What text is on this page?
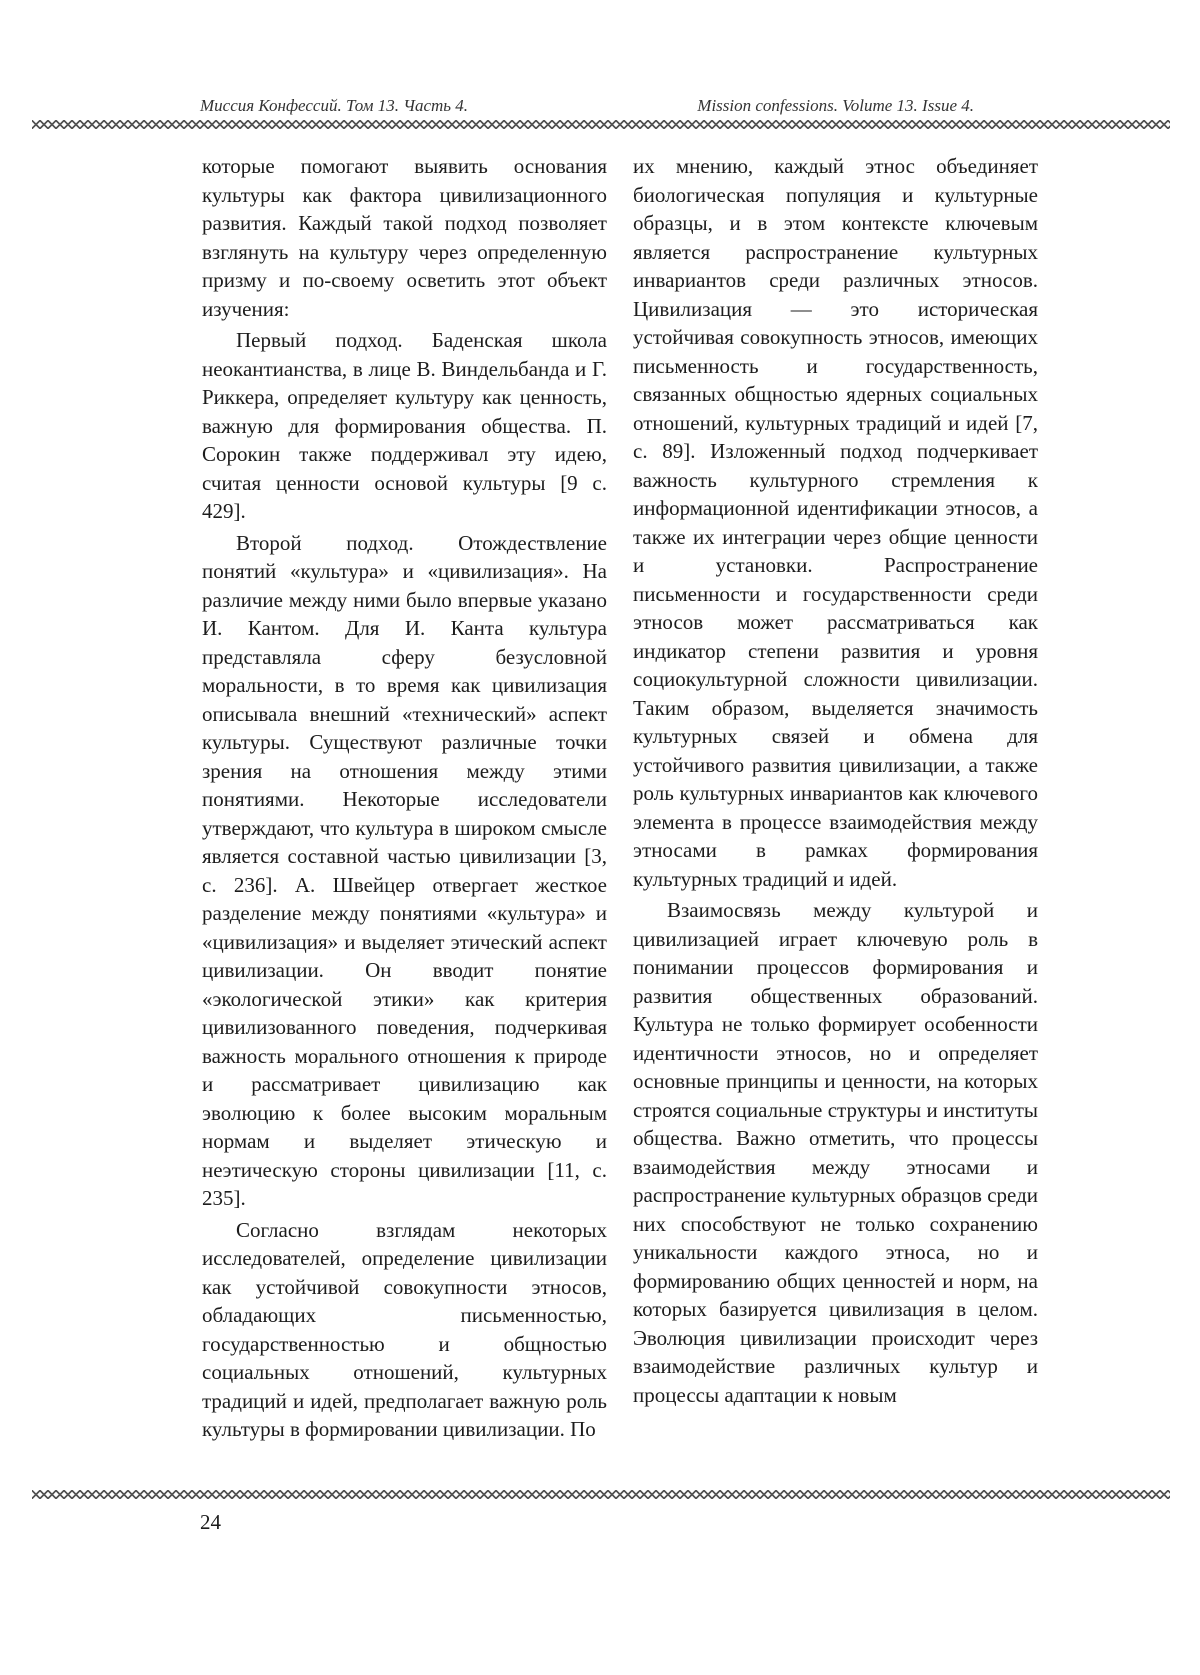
Миссия Конфессий. Том 13. Часть 4.	Mission confessions. Volume 13. Issue 4.

которые помогают выявить основания культуры как фактора цивилизационного развития. Каждый такой подход позволяет взглянуть на культуру через определенную призму и по-своему осветить этот объект изучения:

Первый подход. Баденская школа неокантианства, в лице В. Виндельбанда и Г. Риккера, определяет культуру как ценность, важную для формирования общества. П. Сорокин также поддерживал эту идею, считая ценности основой культуры [9 с. 429].

Второй подход. Отождествление понятий «культура» и «цивилизация». На различие между ними было впервые указано И. Кантом. Для И. Канта культура представляла сферу безусловной моральности, в то время как цивилизация описывала внешний «технический» аспект культуры. Существуют различные точки зрения на отношения между этими понятиями. Некоторые исследователи утверждают, что культура в широком смысле является составной частью цивилизации [3, с. 236]. А. Швейцер отвергает жесткое разделение между понятиями «культура» и «цивилизация» и выделяет этический аспект цивилизации. Он вводит понятие «экологической этики» как критерия цивилизованного поведения, подчеркивая важность морального отношения к природе и рассматривает цивилизацию как эволюцию к более высоким моральным нормам и выделяет этическую и неэтическую стороны цивилизации [11, с. 235].

Согласно взглядам некоторых исследователей, определение цивилизации как устойчивой совокупности этносов, обладающих письменностью, государственностью и общностью социальных отношений, культурных традиций и идей, предполагает важную роль культуры в формировании цивилизации. По

их мнению, каждый этнос объединяет биологическая популяция и культурные образцы, и в этом контексте ключевым является распространение культурных инвариантов среди различных этносов. Цивилизация — это историческая устойчивая совокупность этносов, имеющих письменность и государственность, связанных общностью ядерных социальных отношений, культурных традиций и идей [7, с. 89]. Изложенный подход подчеркивает важность культурного стремления к информационной идентификации этносов, а также их интеграции через общие ценности и установки. Распространение письменности и государственности среди этносов может рассматриваться как индикатор степени развития и уровня социокультурной сложности цивилизации. Таким образом, выделяется значимость культурных связей и обмена для устойчивого развития цивилизации, а также роль культурных инвариантов как ключевого элемента в процессе взаимодействия между этносами в рамках формирования культурных традиций и идей.

Взаимосвязь между культурой и цивилизацией играет ключевую роль в понимании процессов формирования и развития общественных образований. Культура не только формирует особенности идентичности этносов, но и определяет основные принципы и ценности, на которых строятся социальные структуры и институты общества. Важно отметить, что процессы взаимодействия между этносами и распространение культурных образцов среди них способствуют не только сохранению уникальности каждого этноса, но и формированию общих ценностей и норм, на которых базируется цивилизация в целом. Эволюция цивилизации происходит через взаимодействие различных культур и процессы адаптации к новым

24
